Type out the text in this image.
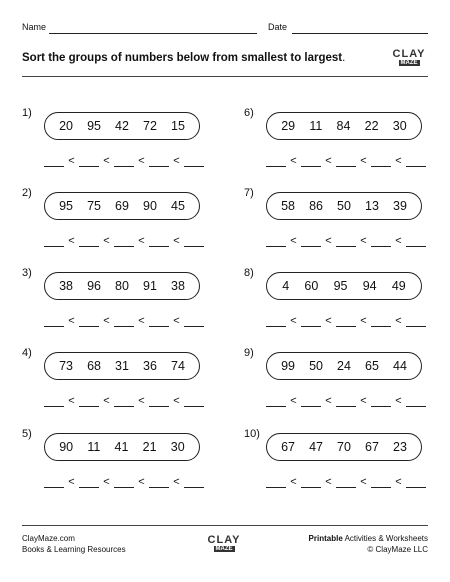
Name	Date
Sort the groups of numbers below from smallest to largest.	CLAY
MAZE
1)
20 95 42 72 15
<	<	<	<
2)
95 75 69 90 45
<	<	<	<
3)
38 96 80 91 38
<	<	<	<
4)
73 68 31 36 74
<	<	<	<
5)
90 11 41 21 30
<	<	<	<
6)
29 11 84 22 30
<	<	<	<
7)
58 86 50 13 39
<	<	<	<
8)
4 60 95 94 49
<	<	<	<
9)
99 50 24 65 44
<	<	<	<
10)
67 47 70 67 23
<	<	<	<
ClayMaze.com
Books & Learning Resources
CLAY
MAZE
Printable Activities & Worksheets
© ClayMaze LLC
